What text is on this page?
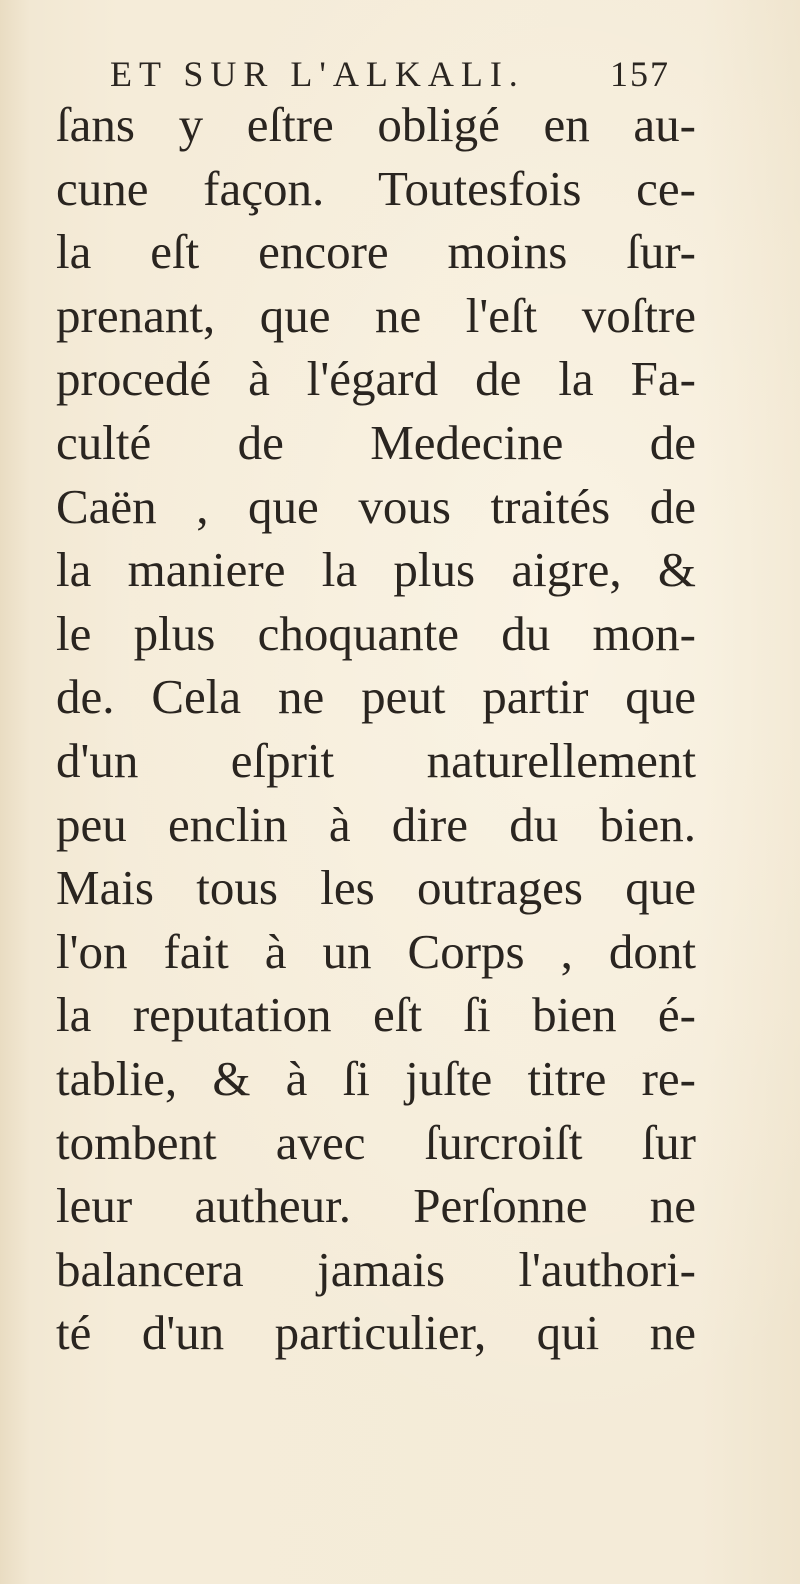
ET SUR L'ALKALI. 157
ſans y eſtre obligé en au-
cune façon. Toutesfois ce-
la eſt encore moins ſur-
prenant, que ne l'eſt voſtre
procedé à l'égard de la Fa-
culté de Medecine de
Caën , que vous traités de
la maniere la plus aigre, &
le plus choquante du mon-
de. Cela ne peut partir que
d'un eſprit naturellement
peu enclin à dire du bien.
Mais tous les outrages que
l'on fait à un Corps , dont
la reputation eſt ſi bien é-
tablie, & à ſi juſte titre re-
tombent avec ſurcroiſt ſur
leur autheur. Perſonne ne
balancera jamais l'authori-
té d'un particulier, qui ne
